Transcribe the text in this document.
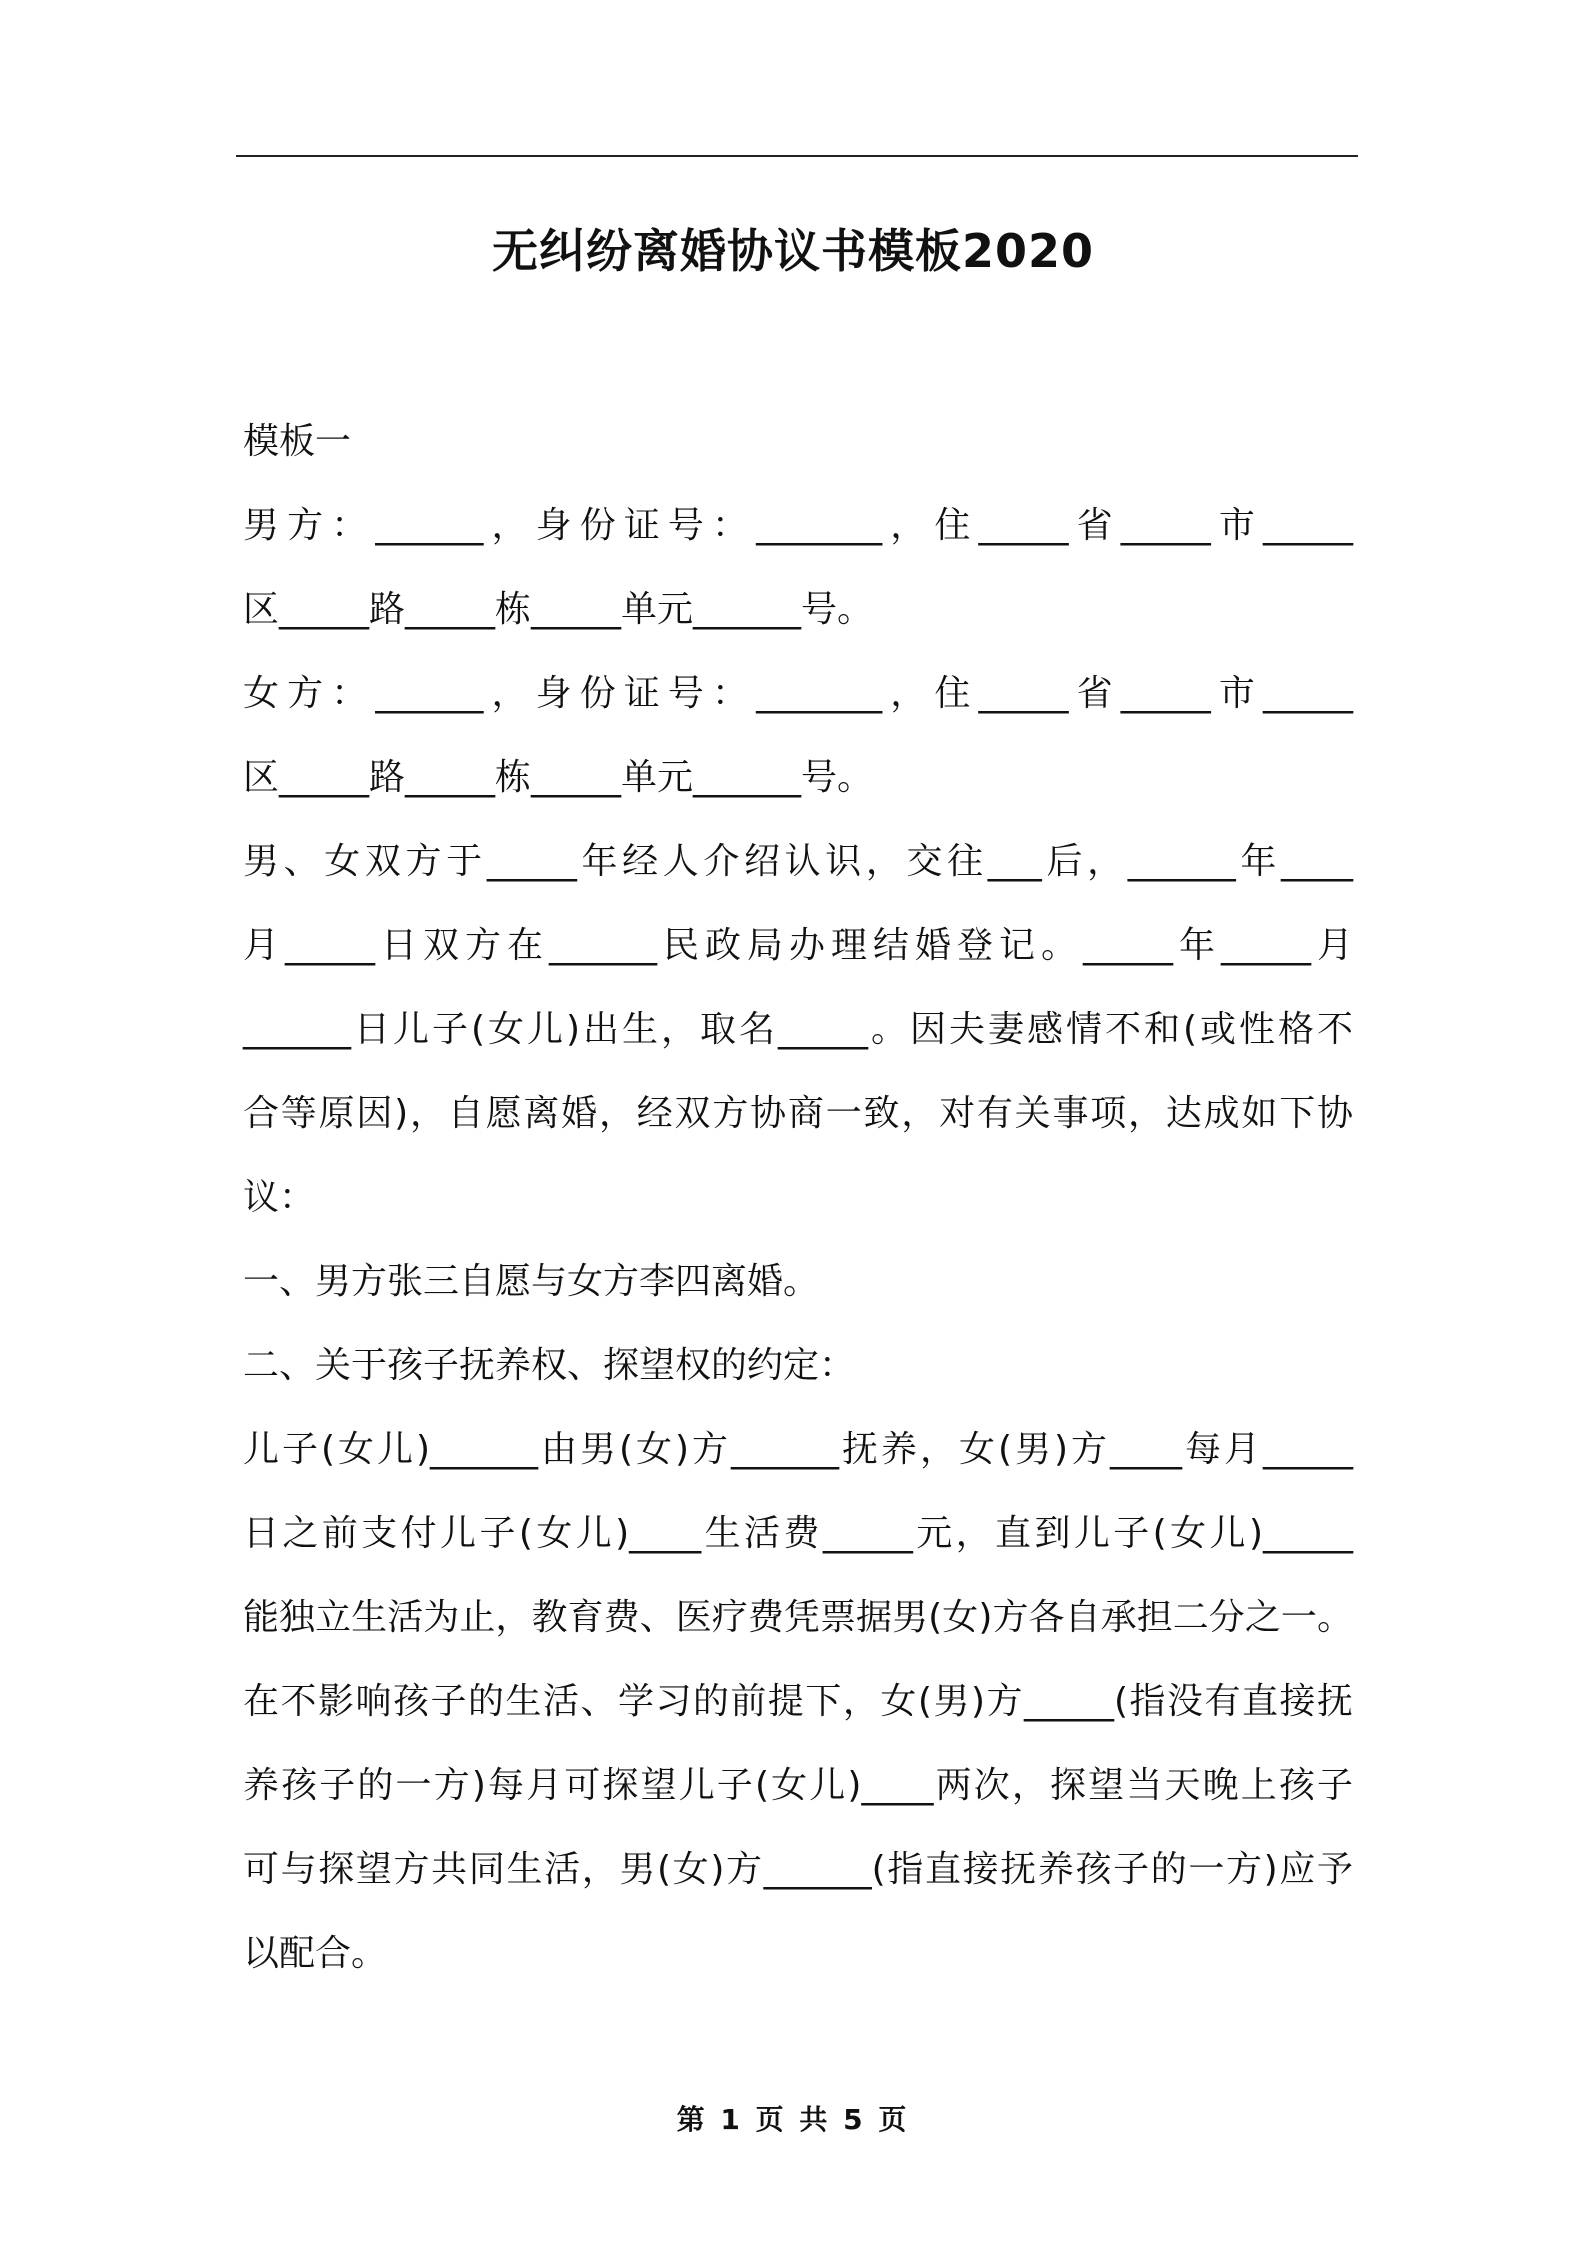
无纠纷离婚协议书模板2020
模板一
男方：______，身份证号：_______，住_____省_____市_____
区_____路_____栋_____单元______号。
女方：______，身份证号：_______，住_____省_____市_____
区_____路_____栋_____单元______号。
男、女双方于_____年经人介绍认识，交往___后，______年____
月_____日双方在______民政局办理结婚登记。_____年_____月
______日儿子(女儿)出生，取名_____。因夫妻感情不和(或性格不
合等原因)，自愿离婚，经双方协商一致，对有关事项，达成如下协
议：
一、男方张三自愿与女方李四离婚。
二、关于孩子抚养权、探望权的约定：
儿子(女儿)______由男(女)方______抚养，女(男)方____每月_____
日之前支付儿子(女儿)____生活费_____元，直到儿子(女儿)_____
能独立生活为止，教育费、医疗费凭票据男(女)方各自承担二分之一。
在不影响孩子的生活、学习的前提下，女(男)方_____(指没有直接抚
养孩子的一方)每月可探望儿子(女儿)____两次，探望当天晚上孩子
可与探望方共同生活，男(女)方______(指直接抚养孩子的一方)应予
以配合。
第 1 页 共 5 页
